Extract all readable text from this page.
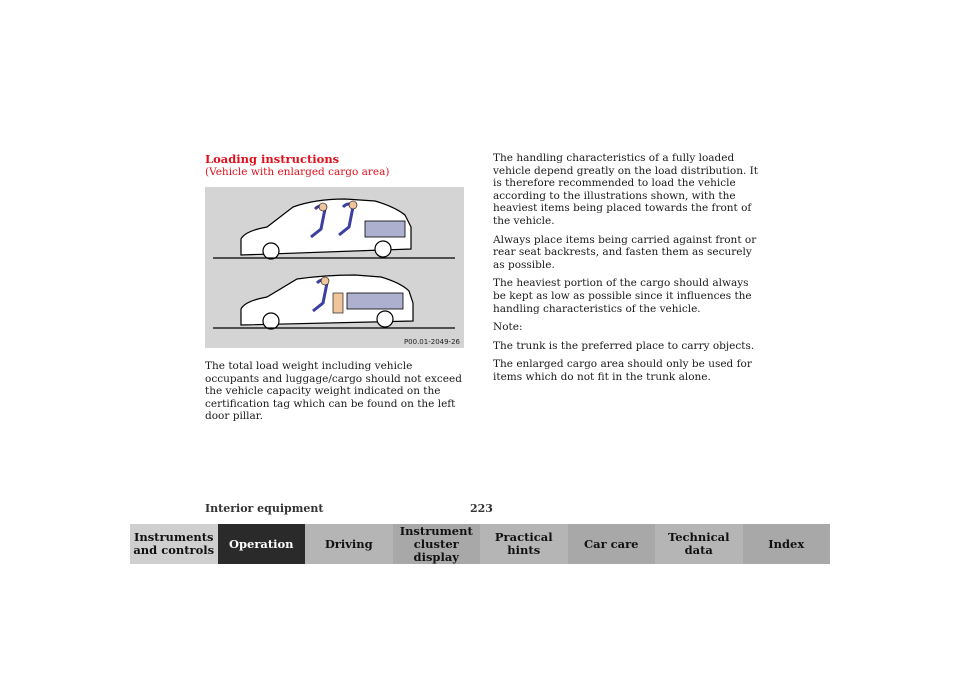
Loading instructions
(Vehicle with enlarged cargo area)
P00.01-2049-26

The total load weight including vehicle occupants and luggage/cargo should not exceed the vehicle capacity weight indicated on the certification tag which can be found on the left door pillar.

The handling characteristics of a fully loaded vehicle depend greatly on the load distribution. It is therefore recommended to load the vehicle according to the illustrations shown, with the heaviest items being placed towards the front of the vehicle.

Always place items being carried against front or rear seat backrests, and fasten them as securely as possible.

The heaviest portion of the cargo should always be kept as low as possible since it influences the handling characteristics of the vehicle.

Note:

The trunk is the preferred place to carry objects.

The enlarged cargo area should only be used for items which do not fit in the trunk alone.

Interior equipment	223
Instruments
and controls Operation	Driving
Instrument
cluster display
Practical hints	Car care	Technical
data	Index
